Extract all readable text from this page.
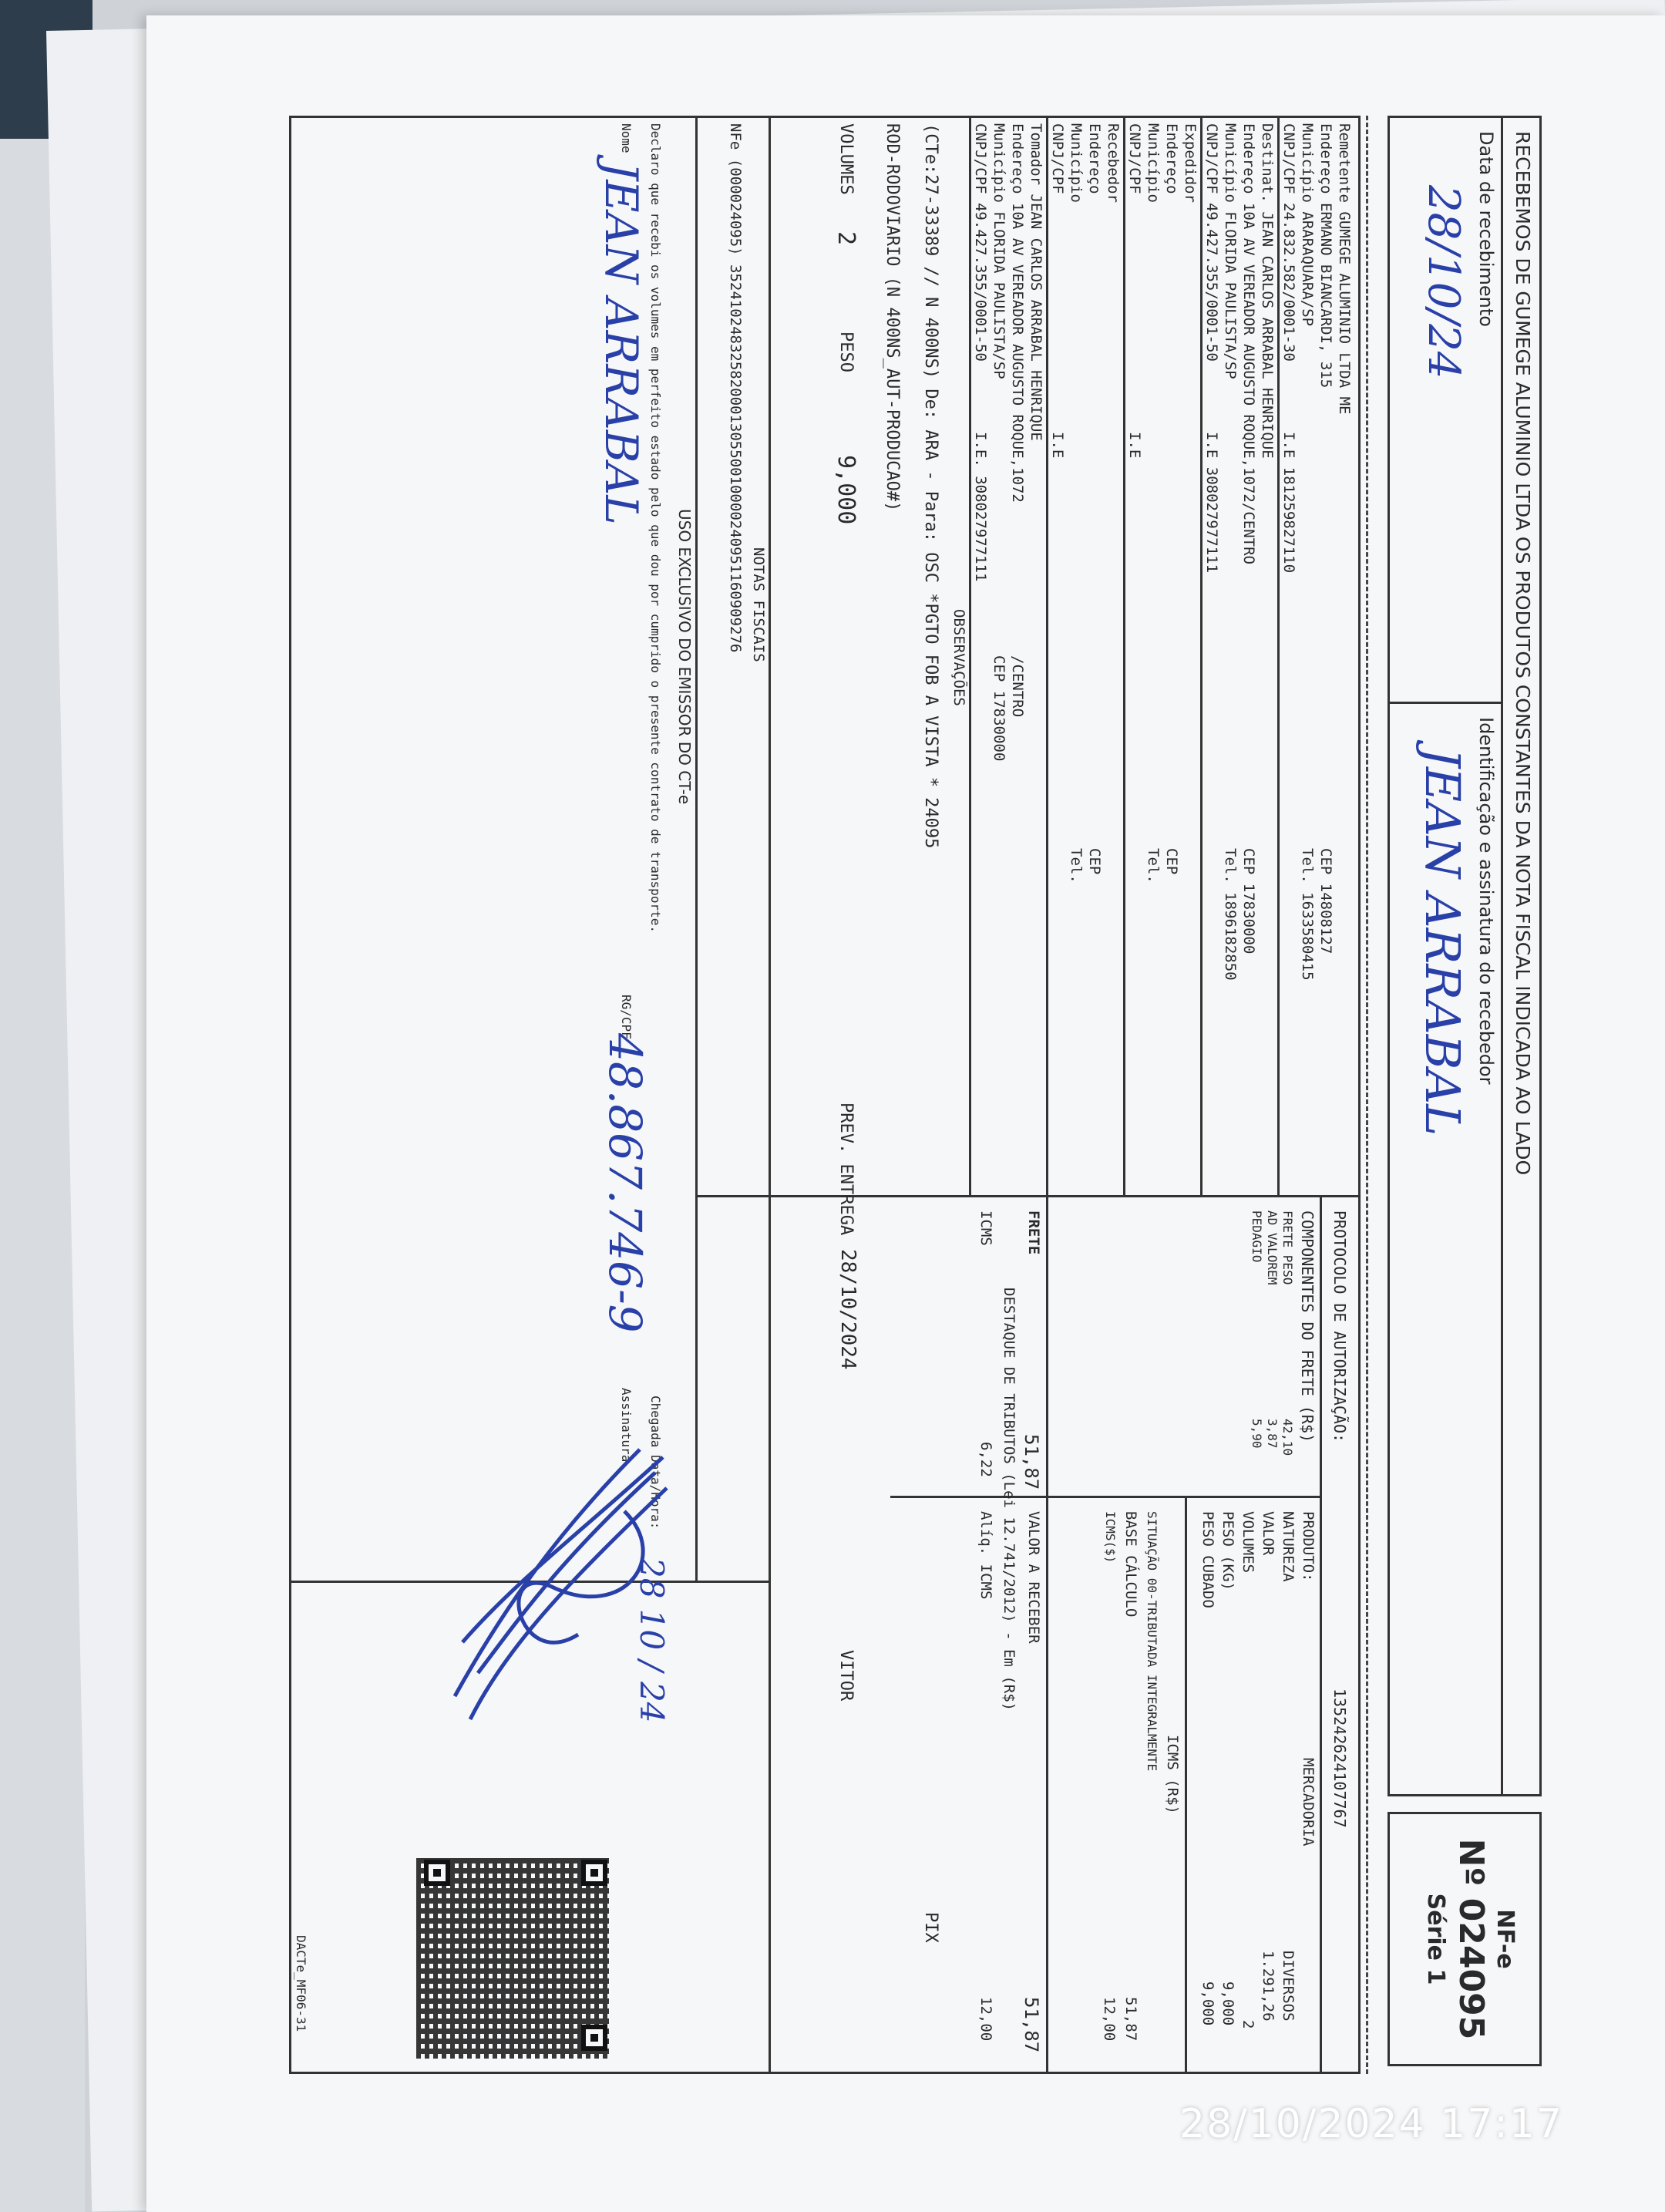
RECEBEMOS DE GUMEGE ALUMINIO LTDA OS PRODUTOS CONSTANTES DA NOTA FISCAL INDICADA AO LADO
Data de recebimento
28/10/24
Identificação e assinatura do recebedor
JEAN ARRABAL
NF-e
Nº 024095
Série 1
Remetente GUMEGE ALUMINIO LTDA ME
Endereço ERMANO BIANCARDI, 315
CEP 14808127
Município ARARAQUARA/SP
Tel. 1633580415
CNPJ/CPF 24.832.582/0001-30
I.E 181259827110
Destinat. JEAN CARLOS ARRABAL HENRIQUE
Endereço 10A AV VEREADOR AUGUSTO ROQUE,1072/CENTRO
CEP 17830000
Município FLORIDA PAULISTA/SP
Tel. 1896182850
CNPJ/CPF 49.427.355/0001-50
I.E 308027977111
Expedidor
Endereço
CEP
Município
Tel.
CNPJ/CPF
I.E
Recebedor
Endereço
CEP
Município
Tel.
CNPJ/CPF
I.E
Tomador JEAN CARLOS ARRABAL HENRIQUE
Endereço 10A AV VEREADOR AUGUSTO ROQUE,1072
/CENTRO
Município FLORIDA PAULISTA/SP
CEP 17830000
CNPJ/CPF 49.427.355/0001-50
I.E. 308027977111
PROTOCOLO DE AUTORIZAÇÃO:
135242624107767
COMPONENTES DO FRETE (R$)
FRETE PESO
42,10
AD VALOREM
3,87
PEDAGIO
5,90
PRODUTO:
MERCADORIA
NATUREZA
DIVERSOS
VALOR
1.291,26
VOLUMES
2
PESO (KG)
9,000
PESO CUBADO
9,000
ICMS (R$)
SITUAÇÃO 00-TRIBUTADA INTEGRALMENTE
BASE CÁLCULO
51,87
ICMS($)
12,00
FRETE
51,87
VALOR A RECEBER
51,87
DESTAQUE DE TRIBUTOS (Lei 12.741/2012) - Em (R$)
ICMS
6,22
Alíq. ICMS
12,00
OBSERVAÇÕES
(CTe:27-33389 // N 400NS) De: ARA - Para: OSC *PGTO FOB A VISTA * 24095
PIX
ROD-RODOVIARIO (N 400NS_AUT-PRODUCAO#)
VOLUMES
2
PESO
9,000
PREV. ENTREGA
28/10/2024
VITOR
NOTAS FISCAIS
NFe (000024095) 35241024832582000130550010000240951160909276
USO EXCLUSIVO DO EMISSOR DO CT-e
Declaro que recebi os volumes em perfeito estado pelo que dou por cumprido o presente contrato de transporte.
Chegada Data/Hora:
28 10 / 24
Nome
JEAN ARRABAL
RG/CPF
48.867.746-9
Assinatura
DACTe_MF06-31
28/10/2024 17:17
